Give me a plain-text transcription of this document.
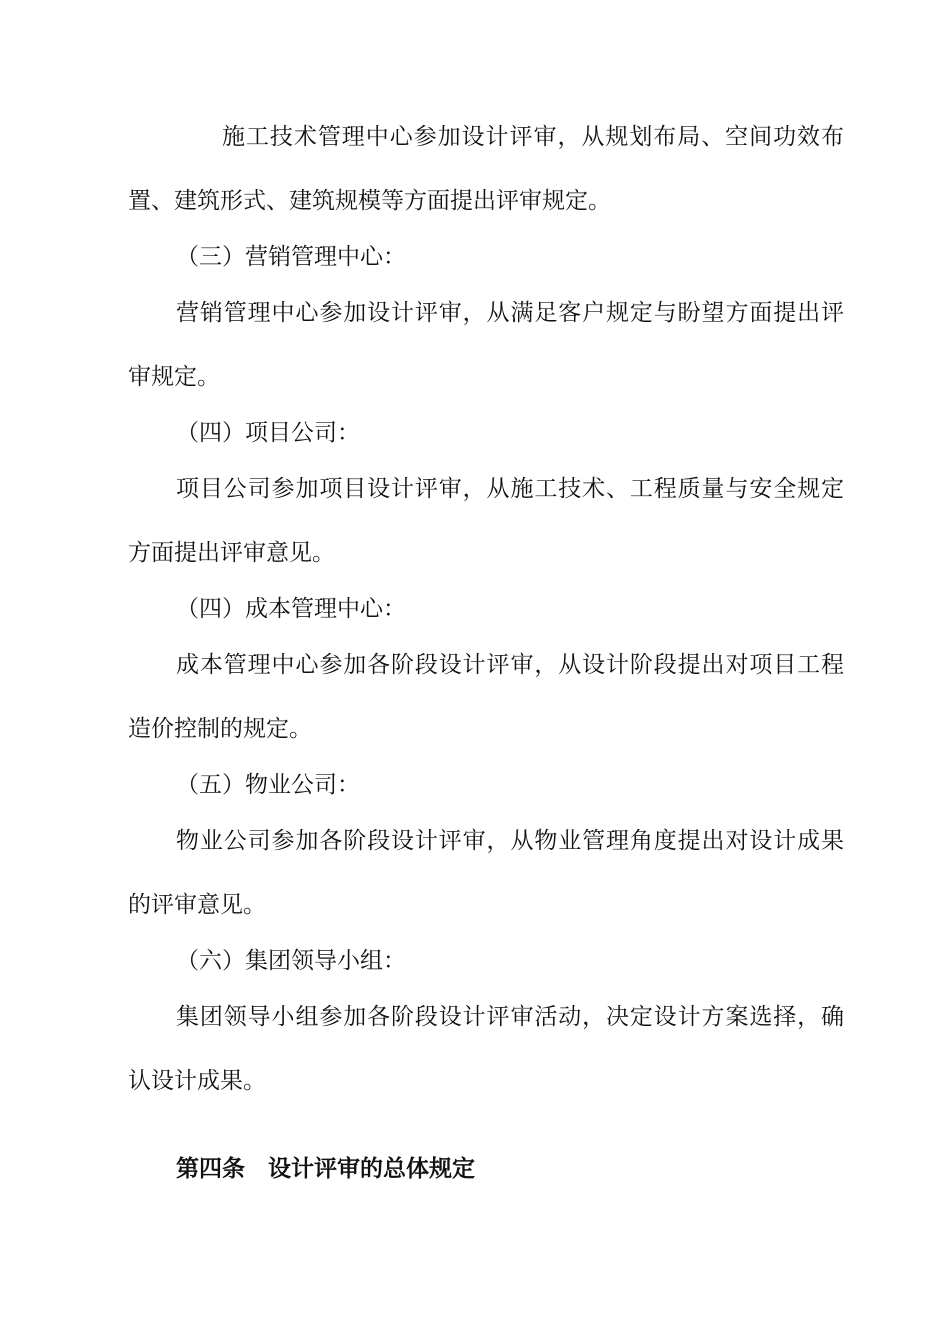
施工技术管理中心参加设计评审，从规划布局、空间功效布

置、建筑形式、建筑规模等方面提出评审规定。

（三）营销管理中心：

营销管理中心参加设计评审，从满足客户规定与盼望方面提出评

审规定。

（四）项目公司：

项目公司参加项目设计评审，从施工技术、工程质量与安全规定

方面提出评审意见。

（四）成本管理中心：

成本管理中心参加各阶段设计评审，从设计阶段提出对项目工程

造价控制的规定。

（五）物业公司：

物业公司参加各阶段设计评审，从物业管理角度提出对设计成果

的评审意见。

（六）集团领导小组：

集团领导小组参加各阶段设计评审活动，决定设计方案选择，确

认设计成果。

第四条　设计评审的总体规定
